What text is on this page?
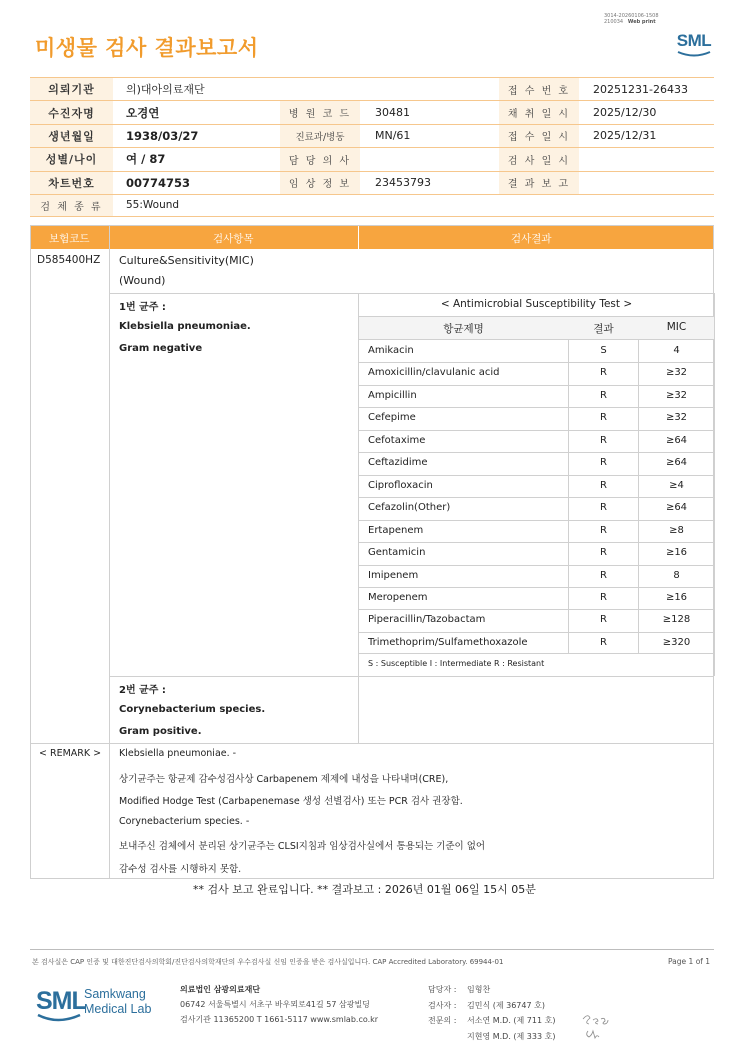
3014-20260106-1508
210034 Web print
SML
미생물 검사 결과보고서
의뢰기관	의)대아의료재단	접 수 번 호	20251231-26433
수진자명	오경연	병 원 코 드	30481	채 취 일 시	2025/12/30
생년월일	1938/03/27	진료과/병동	MN/61	접 수 일 시	2025/12/31
성별/나이	여 / 87	담 당 의 사	검 사 일 시
차트번호	00774753	임 상 정 보	23453793	결 과 보 고
검 체 종 류	55:Wound
보험코드	검사항목	검사결과
D585400HZ Culture&Sensitivity(MIC)
(Wound)
1번 균주 :
Klebsiella pneumoniae.
Gram negative
< Antimicrobial Susceptibility Test >
항균제명	결과	MIC
Amikacin	S	4
Amoxicillin/clavulanic acid	R	≥32
Ampicillin	R	≥32
Cefepime	R	≥32
Cefotaxime	R	≥64
Ceftazidime	R	≥64
Ciprofloxacin	R	≥4
Cefazolin(Other)	R	≥64
Ertapenem	R	≥8
Gentamicin	R	≥16
Imipenem	R	8
Meropenem	R	≥16
Piperacillin/Tazobactam	R	≥128
Trimethoprim/Sulfamethoxazole	R	≥320
S : Susceptible I : Intermediate R : Resistant
2번 균주 :
Corynebacterium species.
Gram positive.
< REMARK > Klebsiella pneumoniae. -
상기균주는 항균제 감수성검사상 Carbapenem 제제에 내성을 나타내며(CRE),
Modified Hodge Test (Carbapenemase 생성 선별검사) 또는 PCR 검사 권장함.
Corynebacterium species. -
보내주신 검체에서 분리된 상기균주는 CLSI지침과 임상검사실에서 통용되는 기준이 없어
감수성 검사를 시행하지 못함.
** 검사 보고 완료입니다. ** 결과보고 : 2026년 01월 06일 15시 05분
본 검사실은 CAP 인증 및 대한진단검사의학회/진단검사의학재단의 우수검사실 신임 인증을 받은 검사실입니다. CAP Accredited Laboratory. 69944-01	Page 1 of 1
SML
Samkwang
Medical Lab
의료법인 삼광의료재단
06742 서울특별시 서초구 바우뫼로41길 57 삼광빌딩
검사기관 11365200 T 1661-5117 www.smlab.co.kr
담당자 :	임형찬
검사자 :	김민식 (제 36747 호)
전문의 :	서소연 M.D. (제 711 호)
지현영 M.D. (제 333 호)
